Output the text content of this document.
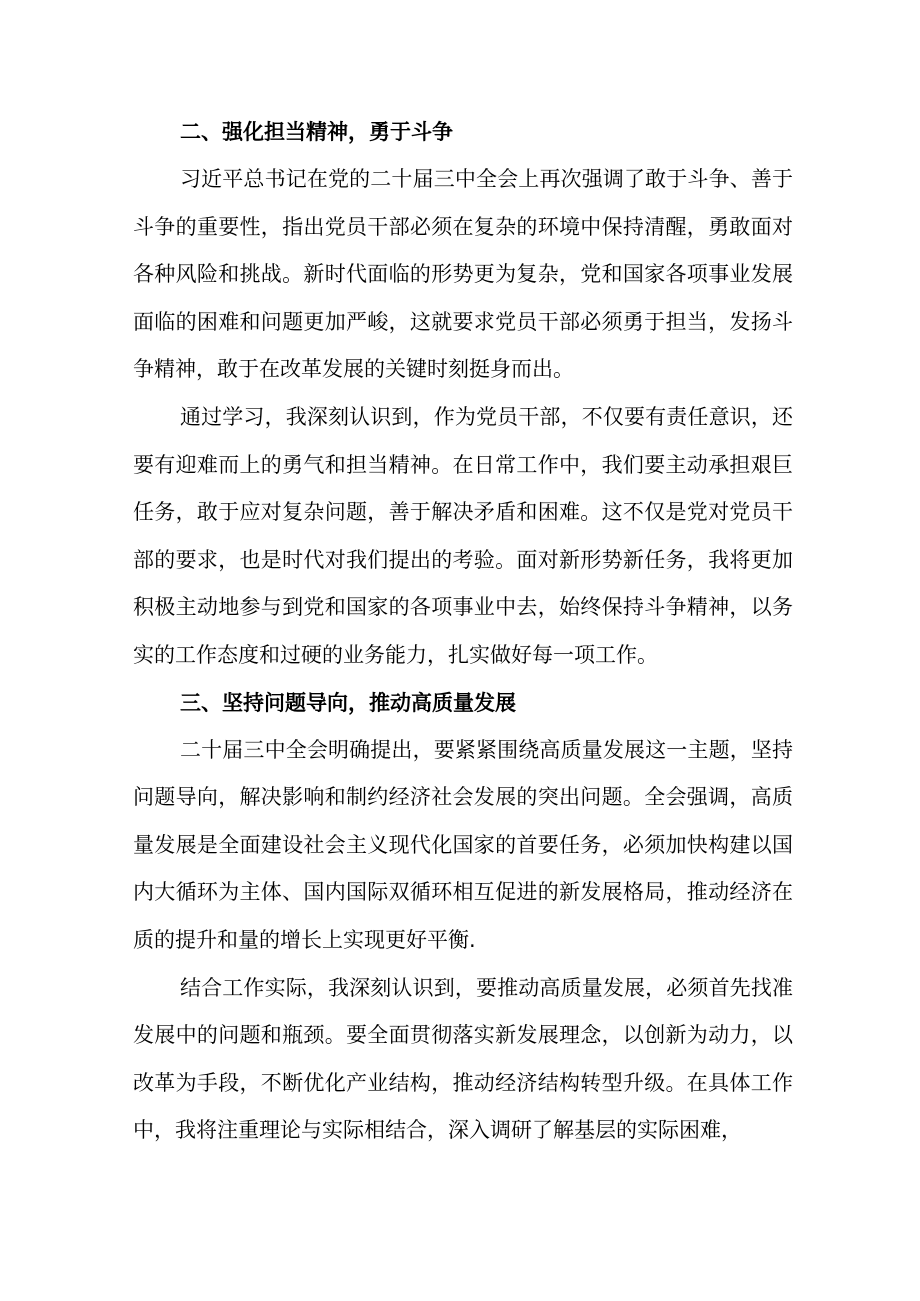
二、强化担当精神，勇于斗争

习近平总书记在党的二十届三中全会上再次强调了敢于斗争、善于斗争的重要性，指出党员干部必须在复杂的环境中保持清醒，勇敢面对各种风险和挑战。新时代面临的形势更为复杂，党和国家各项事业发展面临的困难和问题更加严峻，这就要求党员干部必须勇于担当，发扬斗争精神，敢于在改革发展的关键时刻挺身而出。

通过学习，我深刻认识到，作为党员干部，不仅要有责任意识，还要有迎难而上的勇气和担当精神。在日常工作中，我们要主动承担艰巨任务，敢于应对复杂问题，善于解决矛盾和困难。这不仅是党对党员干部的要求，也是时代对我们提出的考验。面对新形势新任务，我将更加积极主动地参与到党和国家的各项事业中去，始终保持斗争精神，以务实的工作态度和过硬的业务能力，扎实做好每一项工作。

三、坚持问题导向，推动高质量发展

二十届三中全会明确提出，要紧紧围绕高质量发展这一主题，坚持问题导向，解决影响和制约经济社会发展的突出问题。全会强调，高质量发展是全面建设社会主义现代化国家的首要任务，必须加快构建以国内大循环为主体、国内国际双循环相互促进的新发展格局，推动经济在质的提升和量的增长上实现更好平衡.

结合工作实际，我深刻认识到，要推动高质量发展，必须首先找准发展中的问题和瓶颈。要全面贯彻落实新发展理念，以创新为动力，以改革为手段，不断优化产业结构，推动经济结构转型升级。在具体工作中，我将注重理论与实际相结合，深入调研了解基层的实际困难，
